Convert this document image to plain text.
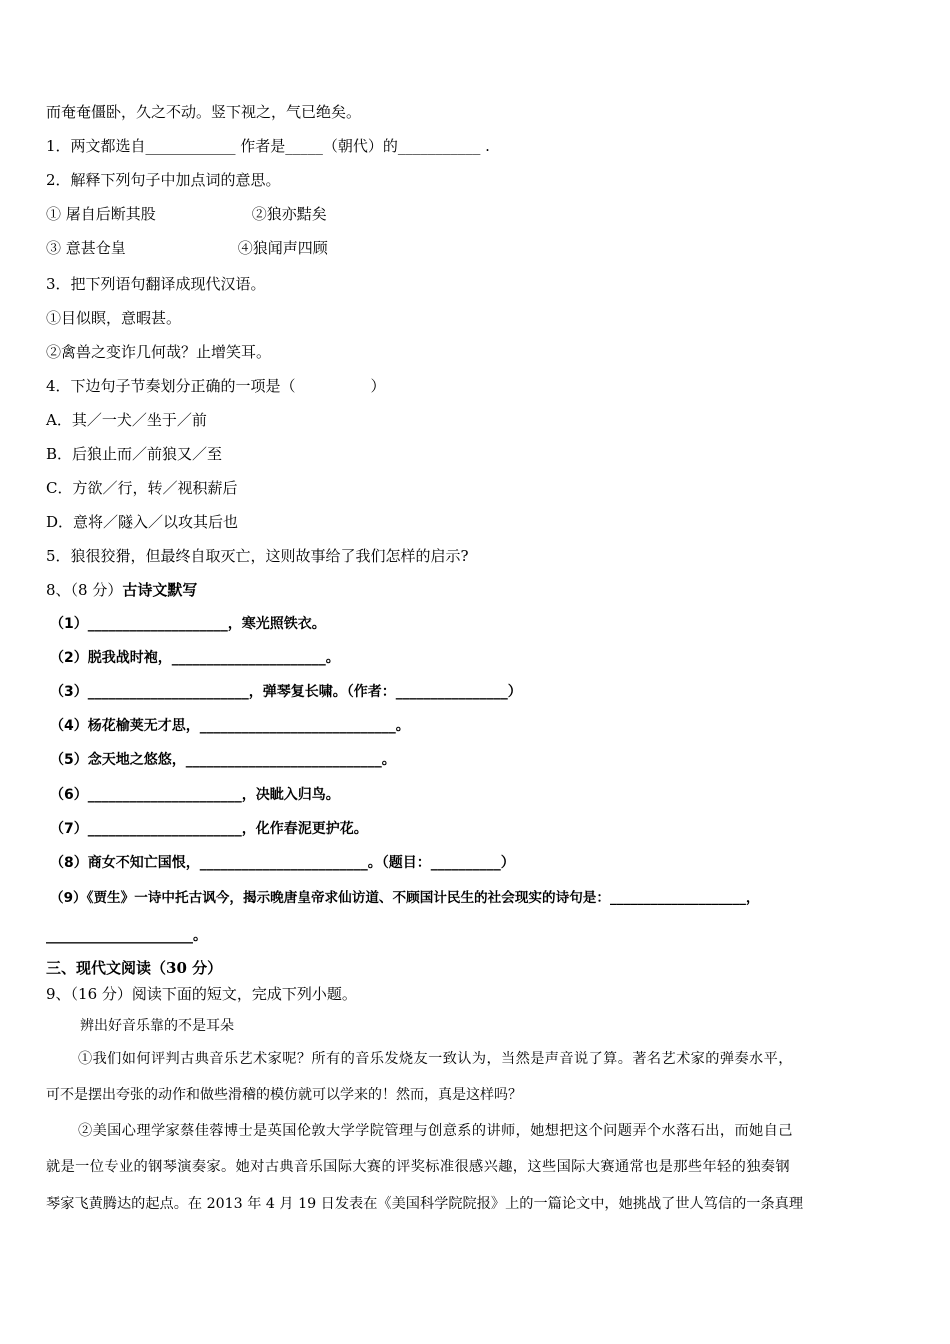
而奄奄僵卧，久之不动。竖下视之，气已绝矣。
1．两文都选自____________ 作者是_____（朝代）的___________ .
2．解释下列句子中加点词的意思。
① 屠自后断其股	②狼亦黠矣
③ 意甚仓皇	④狼闻声四顾
3．把下列语句翻译成现代汉语。
①目似瞑，意暇甚。
②禽兽之变诈几何哉？止增笑耳。
4．下边句子节奏划分正确的一项是（　　　　　）
A．其／一犬／坐于／前
B．后狼止而／前狼又／至
C．方欲／行，转／视积薪后
D．意将／隧入／以攻其后也
5．狼很狡猾，但最终自取灭亡，这则故事给了我们怎样的启示?
8、（8 分）古诗文默写
（1）____________________，寒光照铁衣。
（2）脱我战时袍，______________________。
（3）_______________________，弹琴复长啸。（作者：________________）
（4）杨花榆荚无才思，____________________________。
（5）念天地之悠悠，____________________________。
（6）______________________，决眦入归鸟。
（7）______________________，化作春泥更护花。
（8）商女不知亡国恨，________________________。（题目：__________）
（9）《贾生》一诗中托古讽今，揭示晚唐皇帝求仙访道、不顾国计民生的社会现实的诗句是：____________________，
_____________________。
三、现代文阅读（30 分）
9、（16 分）阅读下面的短文，完成下列小题。
辨出好音乐靠的不是耳朵
①我们如何评判古典音乐艺术家呢？所有的音乐发烧友一致认为，当然是声音说了算。著名艺术家的弹奏水平，
可不是摆出夸张的动作和做些滑稽的模仿就可以学来的！然而，真是这样吗？
②美国心理学家蔡佳蓉博士是英国伦敦大学学院管理与创意系的讲师，她想把这个问题弄个水落石出，而她自己
就是一位专业的钢琴演奏家。她对古典音乐国际大赛的评奖标准很感兴趣，这些国际大赛通常也是那些年轻的独奏钢
琴家飞黄腾达的起点。在 2013 年 4 月 19 日发表在《美国科学院院报》上的一篇论文中，她挑战了世人笃信的一条真理
